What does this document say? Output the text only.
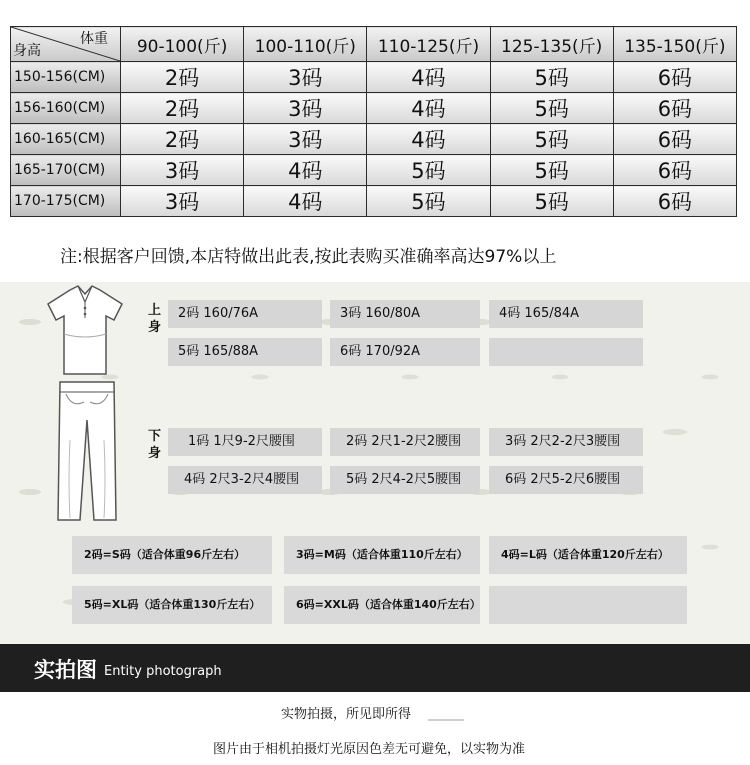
体重
身高	90-100(斤)	100-110(斤)	110-125(斤)	125-135(斤)	135-150(斤)
150-156(CM)	2码	3码	4码	5码	6码
156-160(CM)	2码	3码	4码	5码	6码
160-165(CM)	2码	3码	4码	5码	6码
165-170(CM)	3码	4码	5码	5码	6码
170-175(CM)	3码	4码	5码	5码	6码
注:根据客户回馈,本店特做出此表,按此表购买准确率高达97%以上
上身
2码 160/76A	3码 160/80A	4码 165/84A
5码 165/88A	6码 170/92A
下身
1码 1尺9-2尺腰围	2码 2尺1-2尺2腰围	3码 2尺2-2尺3腰围
4码 2尺3-2尺4腰围	5码 2尺4-2尺5腰围	6码 2尺5-2尺6腰围
2码=S码（适合体重96斤左右）	3码=M码（适合体重110斤左右）	4码=L码（适合体重120斤左右）
5码=XL码（适合体重130斤左右）	6码=XXL码（适合体重140斤左右）
实拍图 Entity photograph
实物拍摄，所见即所得
图片由于相机拍摄灯光原因色差无可避免，以实物为准
